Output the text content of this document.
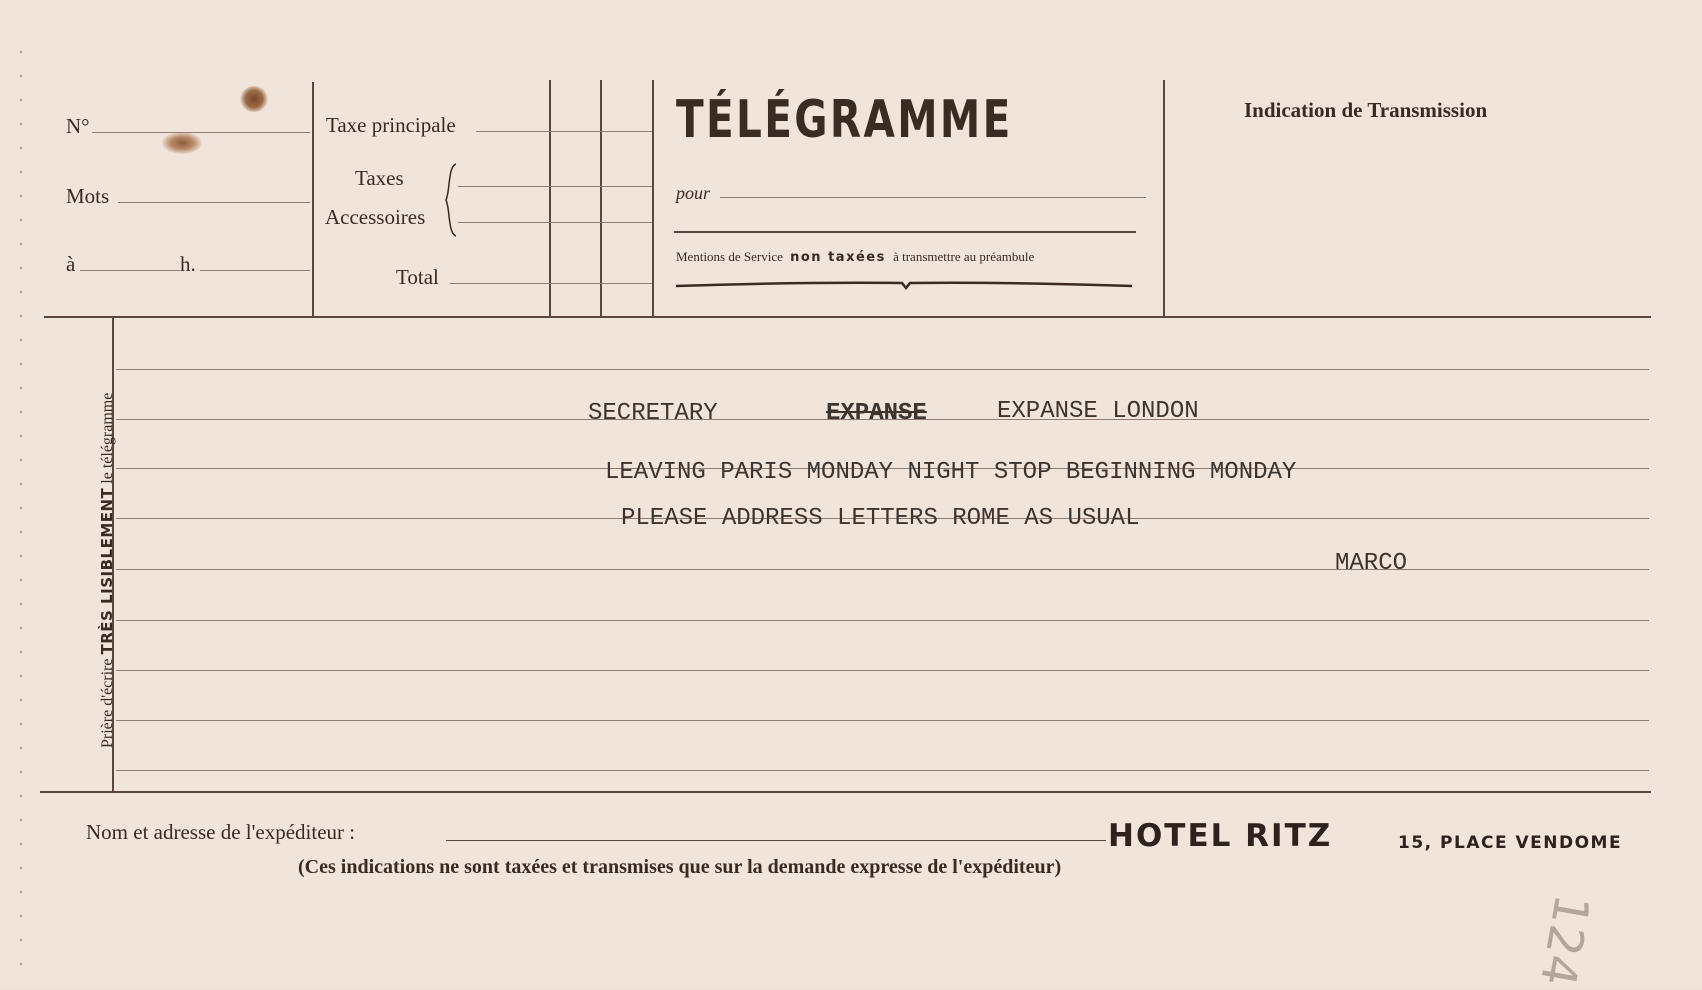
N°
Mots
à	h.
Taxe principale
Taxes
Accessoires
Total
TÉLÉGRAMME
pour
Mentions de Service non taxées à transmettre au préambule
Indication de Transmission
Prière d'écrire TRÈS LISIBLEMENT le télégramme	SECRETARY	EXPANSE	EXPANSE LONDON
LEAVING PARIS MONDAY NIGHT STOP BEGINNING MONDAY
PLEASE ADDRESS LETTERS ROME AS USUAL
MARCO
Nom et adresse de l'expéditeur :	HOTEL RITZ	15, PLACE VENDOME
(Ces indications ne sont taxées et transmises que sur la demande expresse de l'expéditeur)
124
